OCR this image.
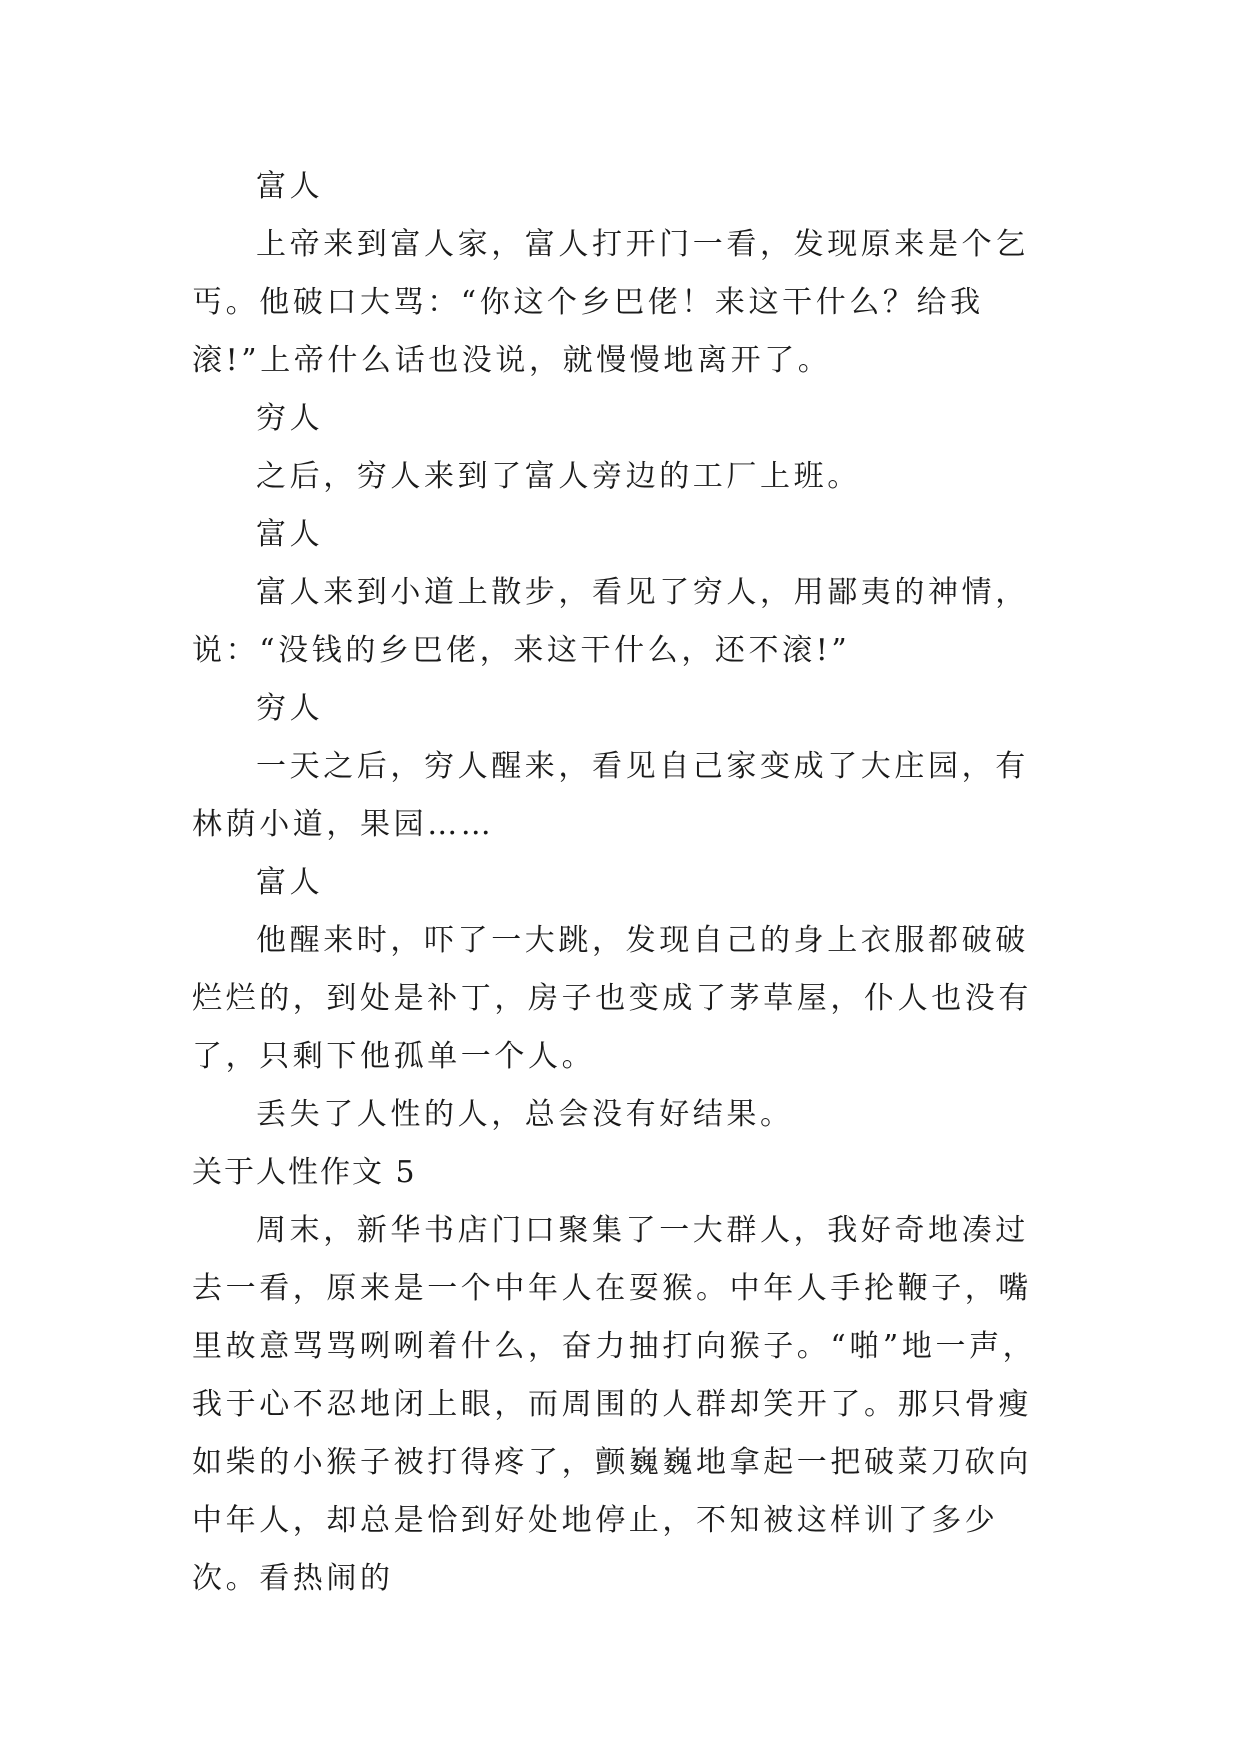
富人

上帝来到富人家，富人打开门一看，发现原来是个乞丐。他破口大骂：“你这个乡巴佬！来这干什么？给我滚!”上帝什么话也没说，就慢慢地离开了。

穷人

之后，穷人来到了富人旁边的工厂上班。

富人

富人来到小道上散步，看见了穷人，用鄙夷的神情，说：“没钱的乡巴佬，来这干什么，还不滚!”

穷人

一天之后，穷人醒来，看见自己家变成了大庄园，有林荫小道，果园……

富人

他醒来时，吓了一大跳，发现自己的身上衣服都破破烂烂的，到处是补丁，房子也变成了茅草屋，仆人也没有了，只剩下他孤单一个人。

丢失了人性的人，总会没有好结果。

关于人性作文 5

周末，新华书店门口聚集了一大群人，我好奇地凑过去一看，原来是一个中年人在耍猴。中年人手抡鞭子，嘴里故意骂骂咧咧着什么，奋力抽打向猴子。“啪”地一声，我于心不忍地闭上眼，而周围的人群却笑开了。那只骨瘦如柴的小猴子被打得疼了，颤巍巍地拿起一把破菜刀砍向中年人，却总是恰到好处地停止，不知被这样训了多少次。看热闹的
